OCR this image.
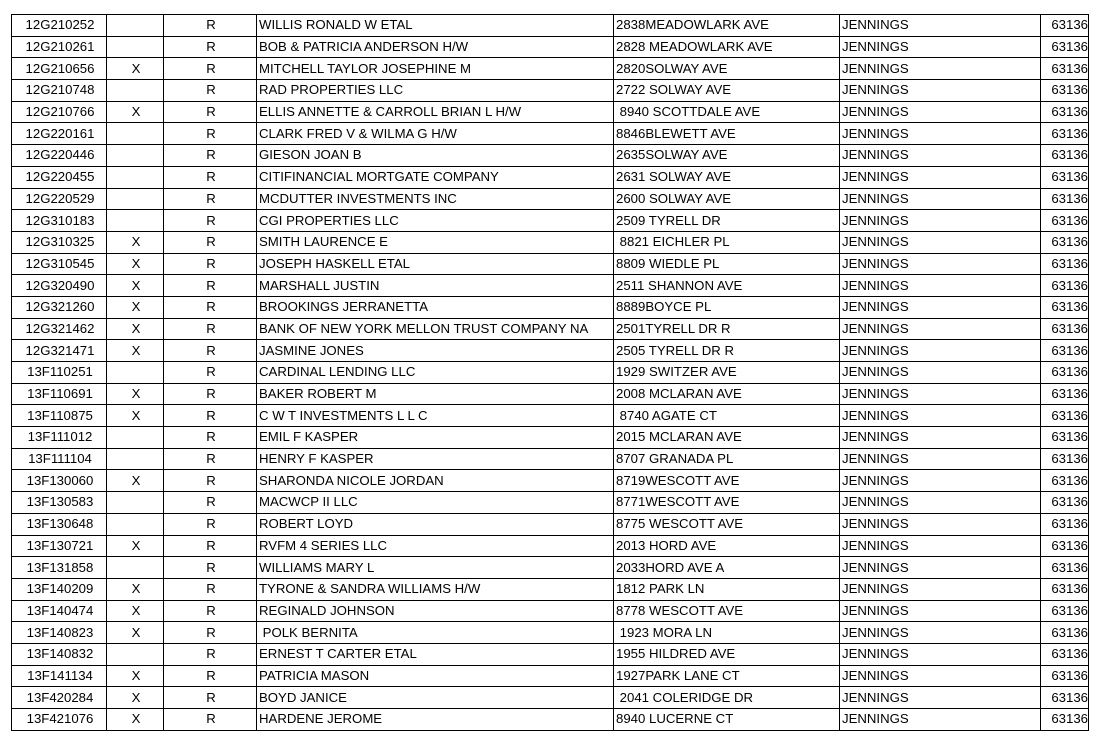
12G210252		R	WILLIS RONALD W ETAL	2838MEADOWLARK AVE	JENNINGS	63136
12G210261		R	BOB & PATRICIA ANDERSON H/W	2828 MEADOWLARK AVE	JENNINGS	63136
12G210656	X	R	MITCHELL TAYLOR JOSEPHINE M	2820SOLWAY AVE	JENNINGS	63136
12G210748		R	RAD PROPERTIES LLC	2722 SOLWAY AVE	JENNINGS	63136
12G210766	X	R	ELLIS ANNETTE & CARROLL BRIAN L H/W	8940 SCOTTDALE AVE	JENNINGS	63136
12G220161		R	CLARK FRED V & WILMA G H/W	8846BLEWETT AVE	JENNINGS	63136
12G220446		R	GIESON JOAN B	2635SOLWAY AVE	JENNINGS	63136
12G220455		R	CITIFINANCIAL MORTGATE COMPANY	2631 SOLWAY AVE	JENNINGS	63136
12G220529		R	MCDUTTER INVESTMENTS INC	2600 SOLWAY AVE	JENNINGS	63136
12G310183		R	CGI PROPERTIES LLC	2509 TYRELL DR	JENNINGS	63136
12G310325	X	R	SMITH LAURENCE E	8821 EICHLER PL	JENNINGS	63136
12G310545	X	R	JOSEPH HASKELL ETAL	8809 WIEDLE PL	JENNINGS	63136
12G320490	X	R	MARSHALL JUSTIN	2511 SHANNON AVE	JENNINGS	63136
12G321260	X	R	BROOKINGS JERRANETTA	8889BOYCE PL	JENNINGS	63136
12G321462	X	R	BANK OF NEW YORK MELLON TRUST COMPANY NA	2501TYRELL DR R	JENNINGS	63136
12G321471	X	R	JASMINE JONES	2505 TYRELL DR R	JENNINGS	63136
13F110251		R	CARDINAL LENDING LLC	1929 SWITZER AVE	JENNINGS	63136
13F110691	X	R	BAKER ROBERT M	2008 MCLARAN AVE	JENNINGS	63136
13F110875	X	R	C W T INVESTMENTS L L C	8740 AGATE CT	JENNINGS	63136
13F111012		R	EMIL F KASPER	2015 MCLARAN AVE	JENNINGS	63136
13F111104		R	HENRY F KASPER	8707 GRANADA PL	JENNINGS	63136
13F130060	X	R	SHARONDA NICOLE JORDAN	8719WESCOTT AVE	JENNINGS	63136
13F130583		R	MACWCP II LLC	8771WESCOTT AVE	JENNINGS	63136
13F130648		R	ROBERT LOYD	8775 WESCOTT AVE	JENNINGS	63136
13F130721	X	R	RVFM 4 SERIES LLC	2013 HORD AVE	JENNINGS	63136
13F131858		R	WILLIAMS MARY L	2033HORD AVE A	JENNINGS	63136
13F140209	X	R	TYRONE & SANDRA WILLIAMS H/W	1812 PARK LN	JENNINGS	63136
13F140474	X	R	REGINALD JOHNSON	8778 WESCOTT AVE	JENNINGS	63136
13F140823	X	R	POLK BERNITA	1923 MORA LN	JENNINGS	63136
13F140832		R	ERNEST T CARTER ETAL	1955 HILDRED AVE	JENNINGS	63136
13F141134	X	R	PATRICIA MASON	1927PARK LANE CT	JENNINGS	63136
13F420284	X	R	BOYD JANICE	2041 COLERIDGE DR	JENNINGS	63136
13F421076	X	R	HARDENE JEROME	8940 LUCERNE CT	JENNINGS	63136
